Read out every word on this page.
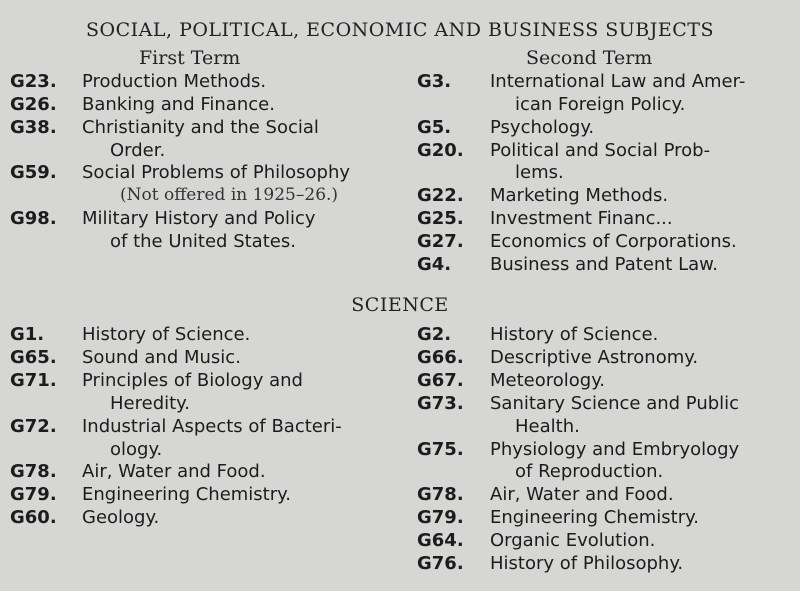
SOCIAL, POLITICAL, ECONOMIC AND BUSINESS SUBJECTS
First Term	Second Term
G23. Production Methods.
G26. Banking and Finance.
G38. Christianity and the Social
Order.
G59. Social Problems of Philosophy
(Not offered in 1925–26.)
G98. Military History and Policy
of the United States.
G3. International Law and Amer-
ican Foreign Policy.
G5. Psychology.
G20. Political and Social Prob-
lems.
G22. Marketing Methods.
G25. Investment Financ...
G27. Economics of Corporations.
G4. Business and Patent Law.
SCIENCE
G1. History of Science.
G65. Sound and Music.
G71. Principles of Biology and
Heredity.
G72. Industrial Aspects of Bacteri-
ology.
G78. Air, Water and Food.
G79. Engineering Chemistry.
G60. Geology.
G2. History of Science.
G66. Descriptive Astronomy.
G67. Meteorology.
G73. Sanitary Science and Public
Health.
G75. Physiology and Embryology
of Reproduction.
G78. Air, Water and Food.
G79. Engineering Chemistry.
G64. Organic Evolution.
G76. History of Philosophy.
